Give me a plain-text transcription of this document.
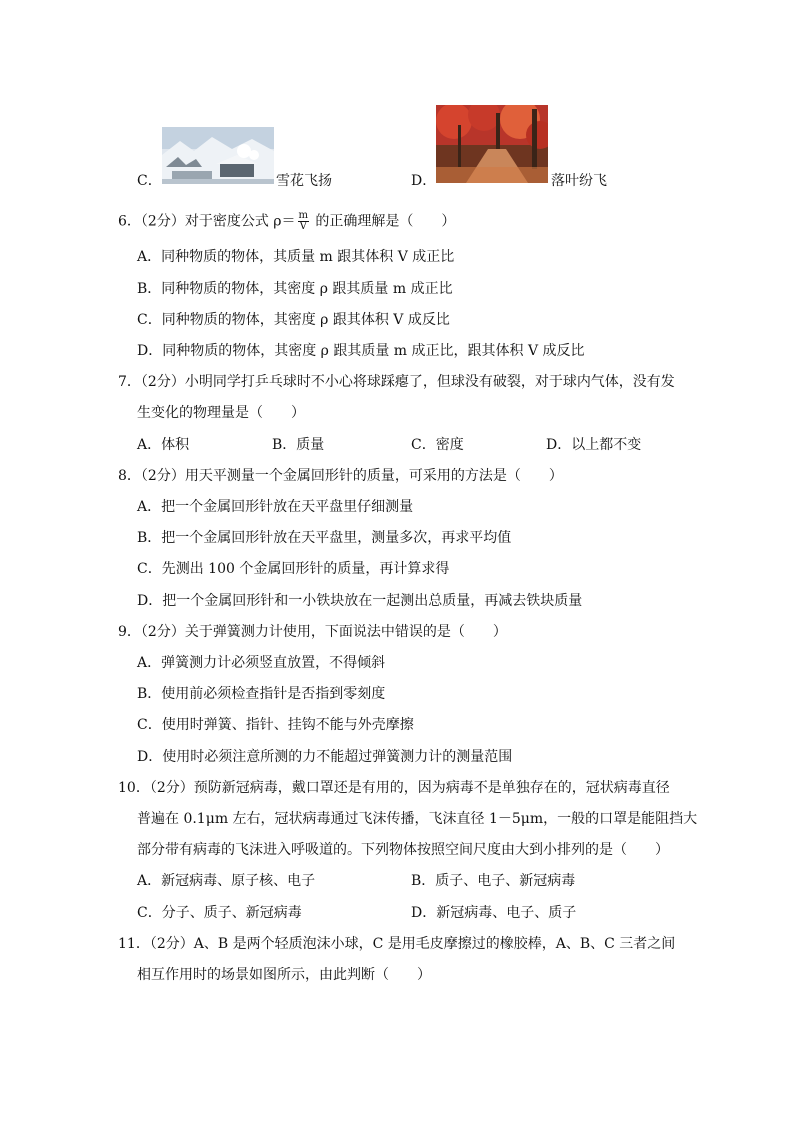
C．	雪花飞扬	D．	落叶纷飞
6．（2分）对于密度公式 $\rho= \frac{m}{V}$ 的正确理解是（　　）
A．同种物质的物体，其质量 m 跟其体积 V 成正比
B．同种物质的物体，其密度 ρ 跟其质量 m 成正比
C．同种物质的物体，其密度 ρ 跟其体积 V 成反比
D．同种物质的物体，其密度 ρ 跟其质量 m 成正比，跟其体积 V 成反比
7．（2分）小明同学打乒乓球时不小心将球踩瘪了，但球没有破裂，对于球内气体，没有发
生变化的物理量是（　　）
A．体积	B．质量	C．密度	D．以上都不变
8．（2分）用天平测量一个金属回形针的质量，可采用的方法是（　　）
A．把一个金属回形针放在天平盘里仔细测量
B．把一个金属回形针放在天平盘里，测量多次，再求平均值
C．先测出 100 个金属回形针的质量，再计算求得
D．把一个金属回形针和一小铁块放在一起测出总质量，再减去铁块质量
9．（2分）关于弹簧测力计使用，下面说法中错误的是（　　）
A．弹簧测力计必须竖直放置，不得倾斜
B．使用前必须检查指针是否指到零刻度
C．使用时弹簧、指针、挂钩不能与外壳摩擦
D．使用时必须注意所测的力不能超过弹簧测力计的测量范围
10．（2分）预防新冠病毒，戴口罩还是有用的，因为病毒不是单独存在的，冠状病毒直径
普遍在 0.1μm 左右，冠状病毒通过飞沫传播，飞沫直径 1－5μm，一般的口罩是能阻挡大
部分带有病毒的飞沫进入呼吸道的。下列物体按照空间尺度由大到小排列的是（　　）
A．新冠病毒、原子核、电子	B．质子、电子、新冠病毒
C．分子、质子、新冠病毒	D．新冠病毒、电子、质子
11．（2分）A、B 是两个轻质泡沫小球，C 是用毛皮摩擦过的橡胶棒，A、B、C 三者之间
相互作用时的场景如图所示，由此判断（　　）
